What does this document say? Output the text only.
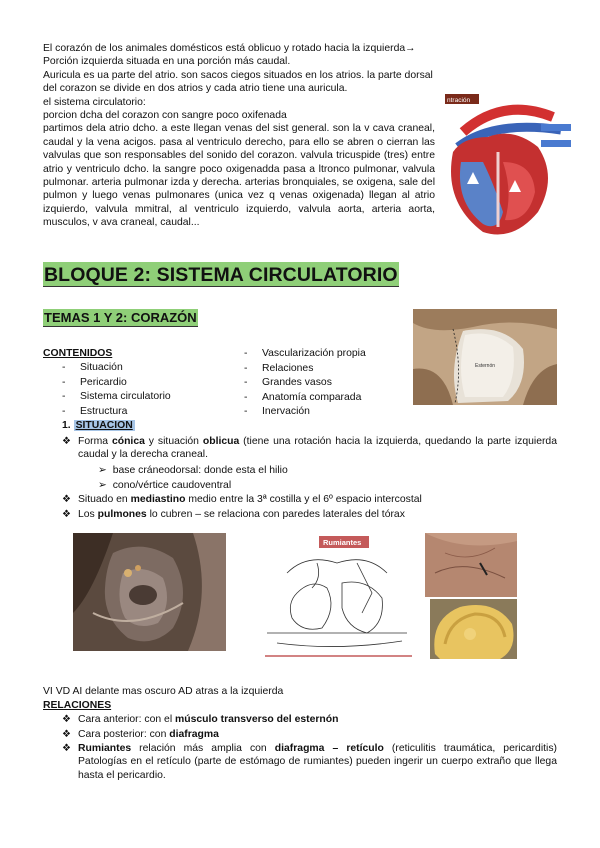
El corazón de los animales domésticos está oblicuo y rotado hacia la izquierda→ Porción izquierda situada en una porción más caudal.

Auricula es ua parte del atrio. son sacos ciegos situados en los atrios. la parte dorsal del corazon se divide en dos atrios y cada atrio tiene una auricula.

el sistema circulatorio:

porcion dcha del corazon con sangre poco oxifenada

partimos dela atrio dcho. a este llegan venas del sist general. son la v cava craneal, caudal y la vena acigos. pasa al ventriculo derecho, para ello se abren o cierran las valvulas que son responsables del sonido del corazon. valvula tricuspide (tres) entre atrio y ventriculo dcho. la sangre poco oxigenadda pasa a ltronco pulmonar, valvula pulmonar. arteria pulmonar izda y derecha. arterias bronquiales, se oxigena, sale del pulmon y luego venas pulmonares (unica vez q venas oxigenada) llegan al atrio izquierdo, valvula mmitral, al ventriculo izquierdo, valvula aorta, arteria aorta, musculos, v ava craneal, caudal...

ntración
BLOQUE 2: SISTEMA CIRCULATORIO
TEMAS 1 Y 2: CORAZÓN
Esternón
CONTENIDOS
- Situación
- Pericardio
- Sistema circulatorio
- Estructura
- Vascularización propia
- Relaciones
- Grandes vasos
- Anatomía comparada
- Inervación
1. SITUACION
❖ Forma cónica y situación oblicua (tiene una rotación hacia la izquierda, quedando la parte izquierda caudal y la derecha craneal.
➢ base cráneodorsal: donde esta el hilio
➢ cono/vértice caudoventral
❖ Situado en mediastino medio entre la 3ª costilla y el 6º espacio intercostal
❖ Los pulmones lo cubren – se relaciona con paredes laterales del tórax
Rumiantes
VI VD AI delante mas oscuro AD atras a la izquierda
RELACIONES
❖ Cara anterior: con el músculo transverso del esternón
❖ Cara posterior: con diafragma
❖ Rumiantes relación más amplia con diafragma – retículo (reticulitis traumática, pericarditis) Patologías en el retículo (parte de estómago de rumiantes) pueden ingerir un cuerpo extraño que llega hasta el pericardio.
